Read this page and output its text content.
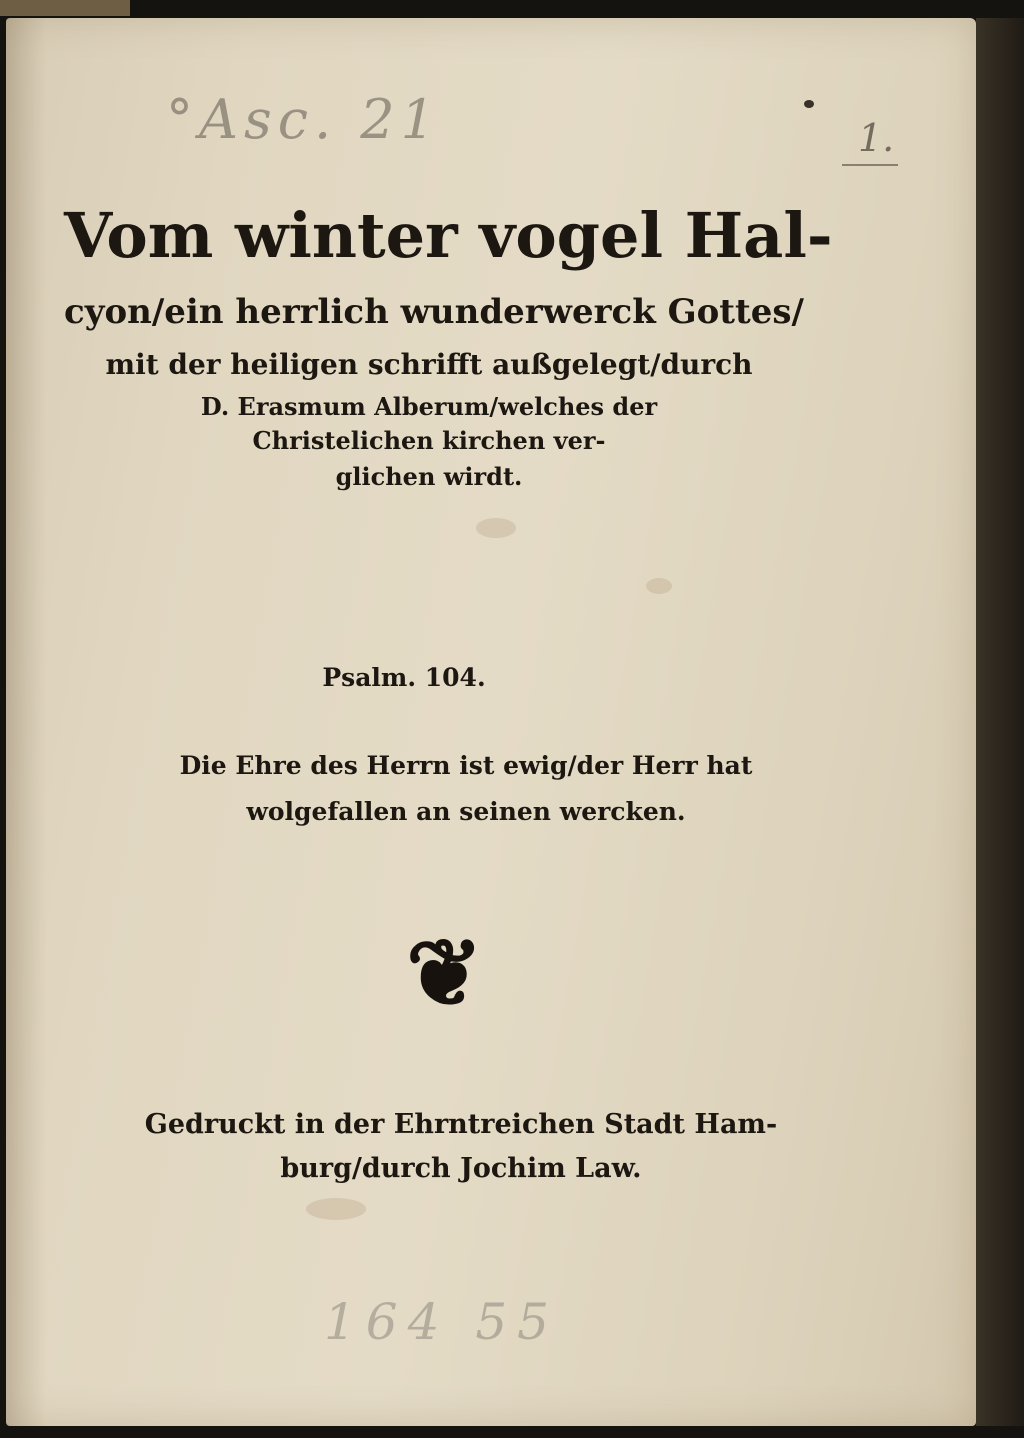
°Asc. 21	1.
Vom winter vogel Hal-
cyon/ein herrlich wunderwerck Gottes/
mit der heiligen schrifft außgelegt/durch
D. Erasmum Alberum/welches der
Christelichen kirchen ver-
glichen wirdt.

Psalm. 104.

Die Ehre des Herrn ist ewig/der Herr hat
wolgefallen an seinen wercken.

❦

Gedruckt in der Ehrntreichen Stadt Ham-
burg/durch Jochim Law.

164 55
